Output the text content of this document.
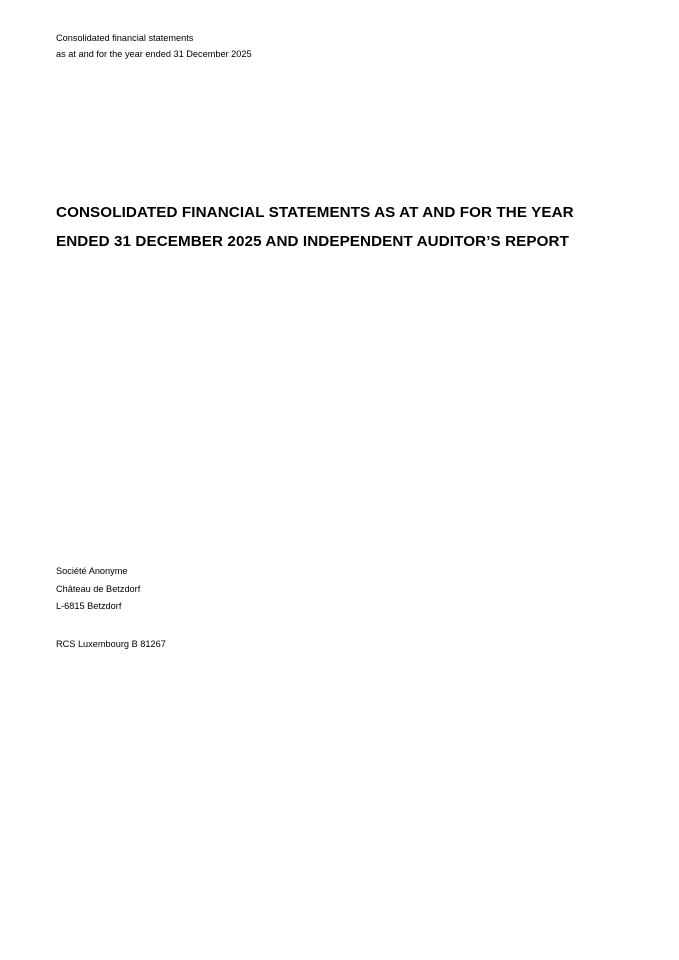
Consolidated financial statements
as at and for the year ended 31 December 2025
CONSOLIDATED FINANCIAL STATEMENTS AS AT AND FOR THE YEAR
ENDED 31 DECEMBER 2025 AND INDEPENDENT AUDITOR’S REPORT
Société Anonyme
Château de Betzdorf
L-6815 Betzdorf
RCS Luxembourg B 81267
